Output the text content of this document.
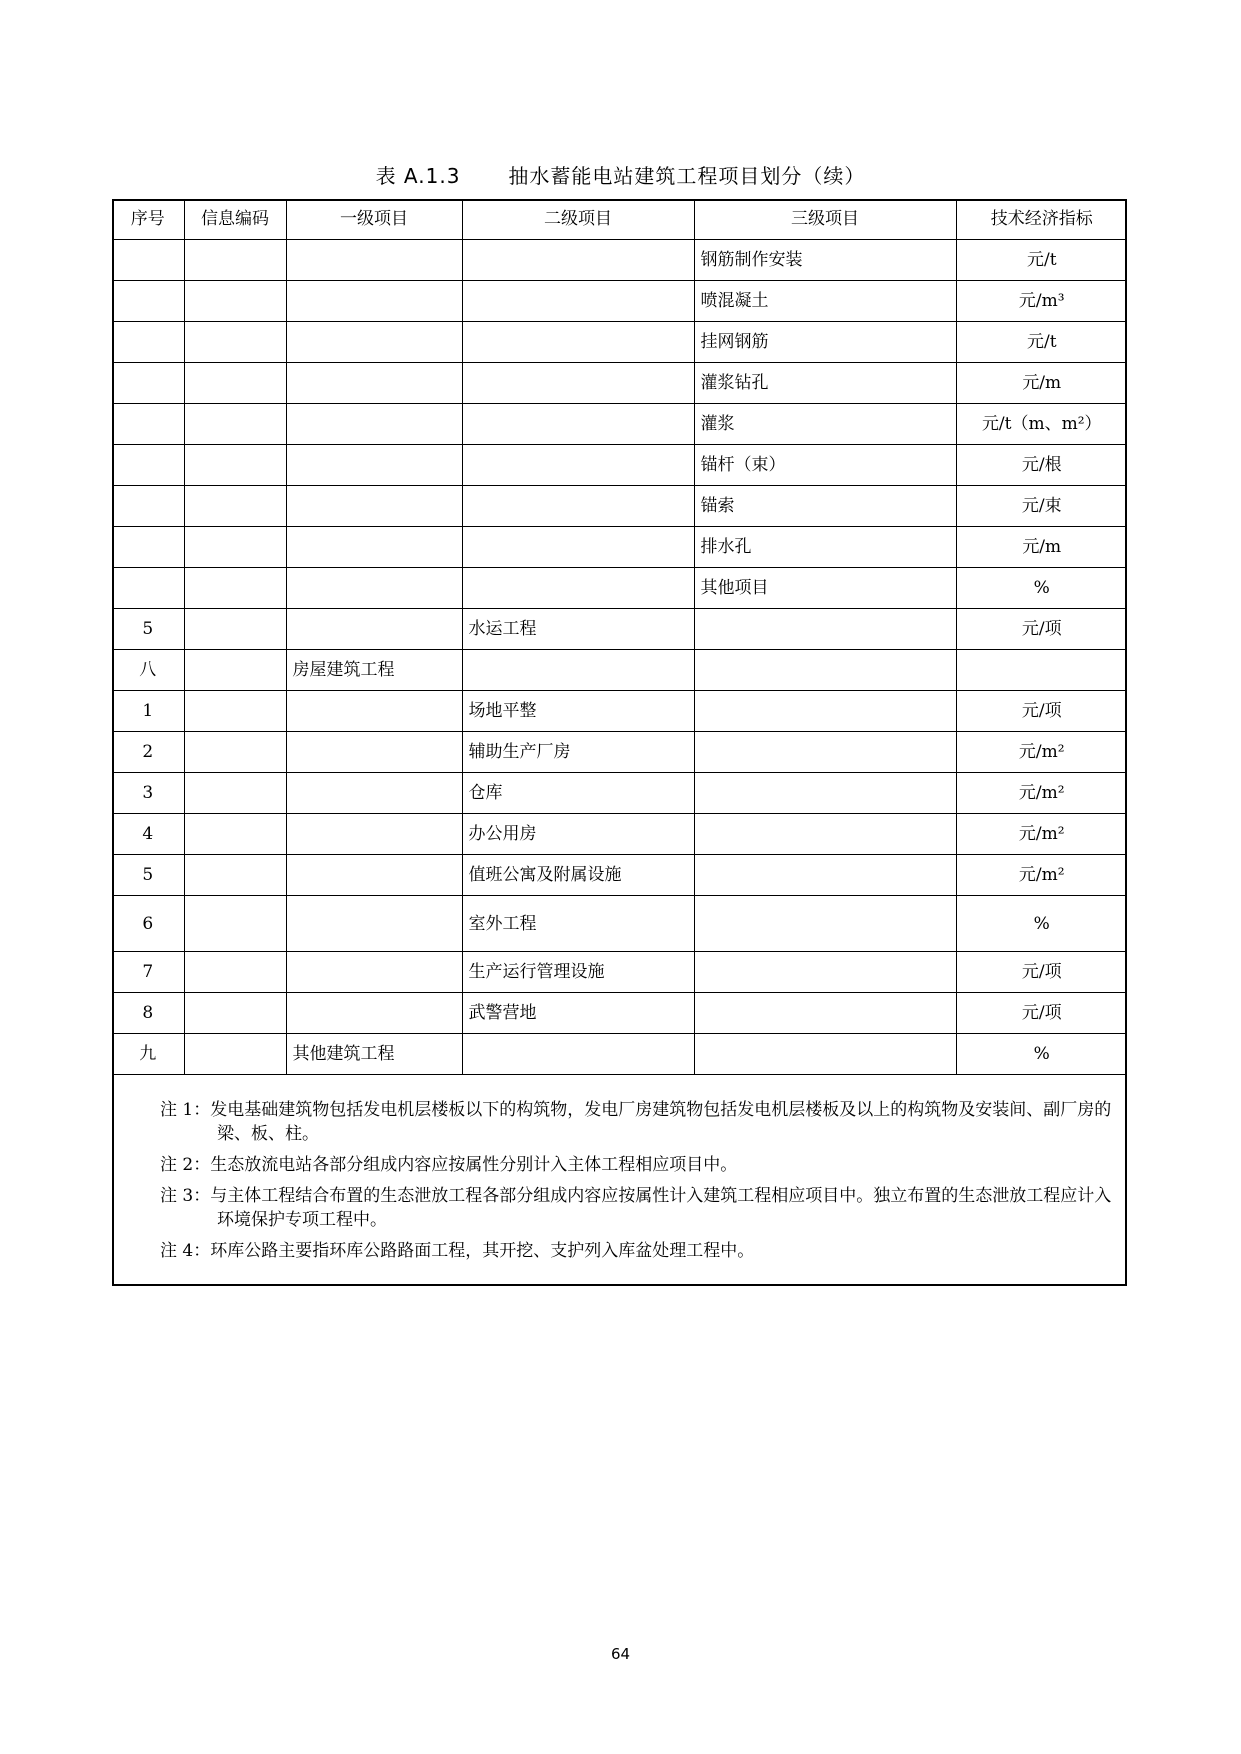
表 A.1.3 抽水蓄能电站建筑工程项目划分（续）
序号	信息编码	一级项目	二级项目	三级项目	技术经济指标
				钢筋制作安装	元/t
				喷混凝土	元/m³
				挂网钢筋	元/t
				灌浆钻孔	元/m
				灌浆	元/t（m、m²）
				锚杆（束）	元/根
				锚索	元/束
				排水孔	元/m
				其他项目	%
5			水运工程		元/项
八		房屋建筑工程			
1			场地平整		元/项
2			辅助生产厂房		元/m²
3			仓库		元/m²
4			办公用房		元/m²
5			值班公寓及附属设施		元/m²
6			室外工程		%
7			生产运行管理设施		元/项
8			武警营地		元/项
九		其他建筑工程			%
注 1：发电基础建筑物包括发电机层楼板以下的构筑物，发电厂房建筑物包括发电机层楼板及以上的构筑物及安装间、副厂房的梁、板、柱。
注 2：生态放流电站各部分组成内容应按属性分别计入主体工程相应项目中。
注 3：与主体工程结合布置的生态泄放工程各部分组成内容应按属性计入建筑工程相应项目中。独立布置的生态泄放工程应计入环境保护专项工程中。
注 4：环库公路主要指环库公路路面工程，其开挖、支护列入库盆处理工程中。
64
